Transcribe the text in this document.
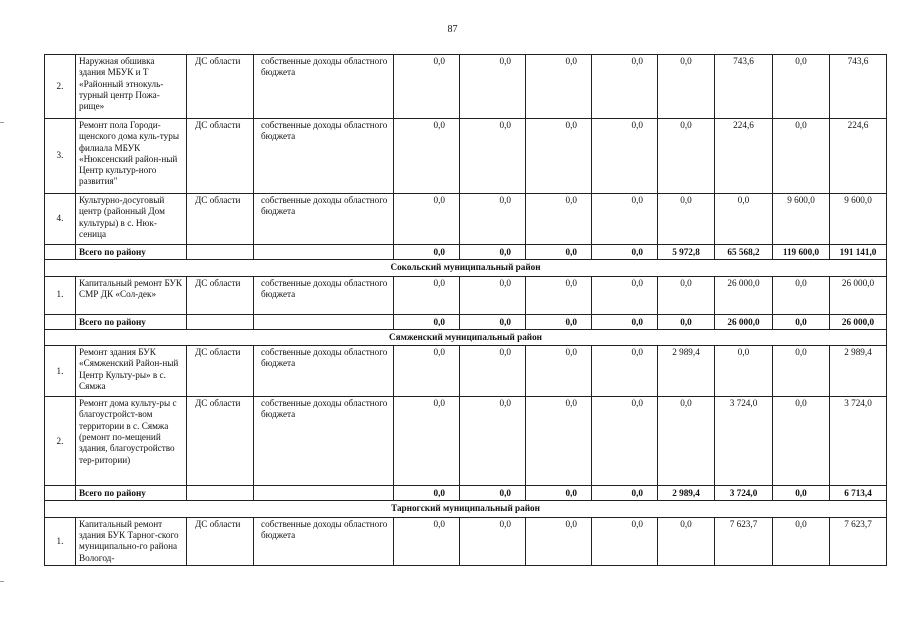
87
2.	Наружная обшивка здания МБУК и Т «Районный этнокуль-турный центр Пожа-рище»	ДС области	собственные доходы областного бюджета	0,0	0,0	0,0	0,0	0,0	743,6	0,0	743,6
3.	Ремонт пола Городи-щенского дома куль-туры филиала МБУК «Нюксенский район-ный Центр культур-ного развития"	ДС области	собственные доходы областного бюджета	0,0	0,0	0,0	0,0	0,0	224,6	0,0	224,6
4.	Культурно-досуговый центр (районный Дом культуры) в с. Нюк-сеница	ДС области	собственные доходы областного бюджета	0,0	0,0	0,0	0,0	0,0	0,0	9 600,0	9 600,0
	Всего по району			0,0	0,0	0,0	0,0	5 972,8	65 568,2	119 600,0	191 141,0
Сокольский муниципальный район											
1.	Капитальный ремонт БУК СМР ДК «Сол-дек»	ДС области	собственные доходы областного бюджета	0,0	0,0	0,0	0,0	0,0	26 000,0	0,0	26 000,0
	Всего по району			0,0	0,0	0,0	0,0	0,0	26 000,0	0,0	26 000,0
Сямженский муниципальный район											
1.	Ремонт здания БУК «Сямженский Район-ный Центр Культу-ры» в с. Сямжа	ДС области	собственные доходы областного бюджета	0,0	0,0	0,0	0,0	2 989,4	0,0	0,0	2 989,4
2.	Ремонт дома культу-ры с благоустройст-вом территории в с. Сямжа (ремонт по-мещений здания, благоустройство тер-ритории)	ДС области	собственные доходы областного бюджета	0,0	0,0	0,0	0,0	0,0	3 724,0	0,0	3 724,0
	Всего по району			0,0	0,0	0,0	0,0	2 989,4	3 724,0	0,0	6 713,4
Тарногский муниципальный район											
1.	Капитальный ремонт здания БУК Тарног-ского муниципально-го района Вологод-	ДС области	собственные доходы областного бюджета	0,0	0,0	0,0	0,0	0,0	7 623,7	0,0	7 623,7
